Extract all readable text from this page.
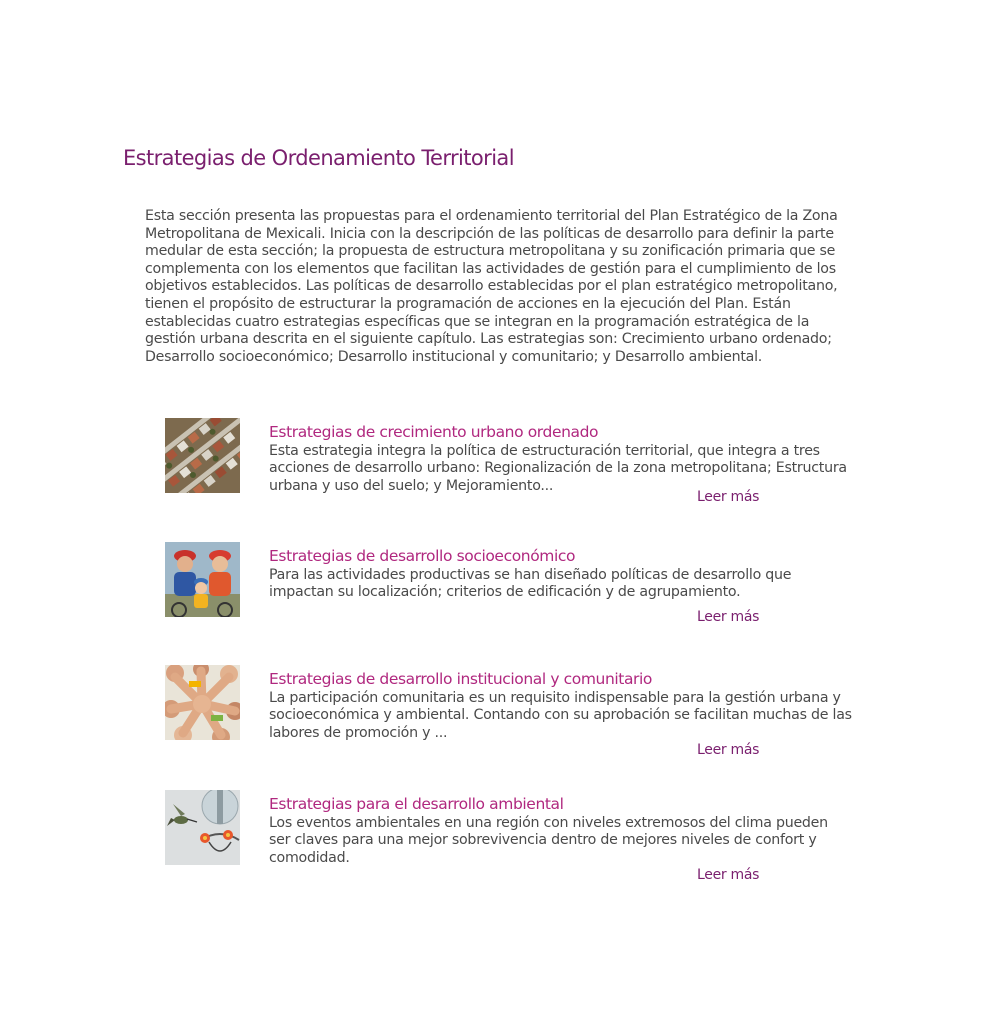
Estrategias de Ordenamiento Territorial

Esta sección presenta las propuestas para el ordenamiento territorial del Plan Estratégico de la Zona Metropolitana de Mexicali. Inicia con la descripción de las políticas de desarrollo para definir la parte medular de esta sección; la propuesta de estructura metropolitana y su zonificación primaria que se complementa con los elementos que facilitan las actividades de gestión para el cumplimiento de los objetivos establecidos. Las políticas de desarrollo establecidas por el plan estratégico metropolitano, tienen el propósito de estructurar la programación de acciones en la ejecución del Plan. Están establecidas cuatro estrategias específicas que se integran en la programación estratégica de la gestión urbana descrita en el siguiente capítulo. Las estrategias son: Crecimiento urbano ordenado; Desarrollo socioeconómico; Desarrollo institucional y comunitario; y Desarrollo ambiental.

Estrategias de crecimiento urbano ordenado

Esta estrategia integra la política de estructuración territorial, que integra a tres acciones de desarrollo urbano: Regionalización de la zona metropolitana; Estructura urbana y uso del suelo; y Mejoramiento...

Leer más
Estrategias de desarrollo socioeconómico

Para las actividades productivas se han diseñado políticas de desarrollo que impactan su localización; criterios de edificación y de agrupamiento.

Leer más
Estrategias de desarrollo institucional y comunitario

La participación comunitaria es un requisito indispensable para la gestión urbana y socioeconómica y ambiental. Contando con su aprobación se facilitan muchas de las labores de promoción y ...

Leer más
Estrategias para el desarrollo ambiental

Los eventos ambientales en una región con niveles extremosos del clima pueden ser claves para una mejor sobrevivencia dentro de mejores niveles de confort y comodidad.

Leer más
